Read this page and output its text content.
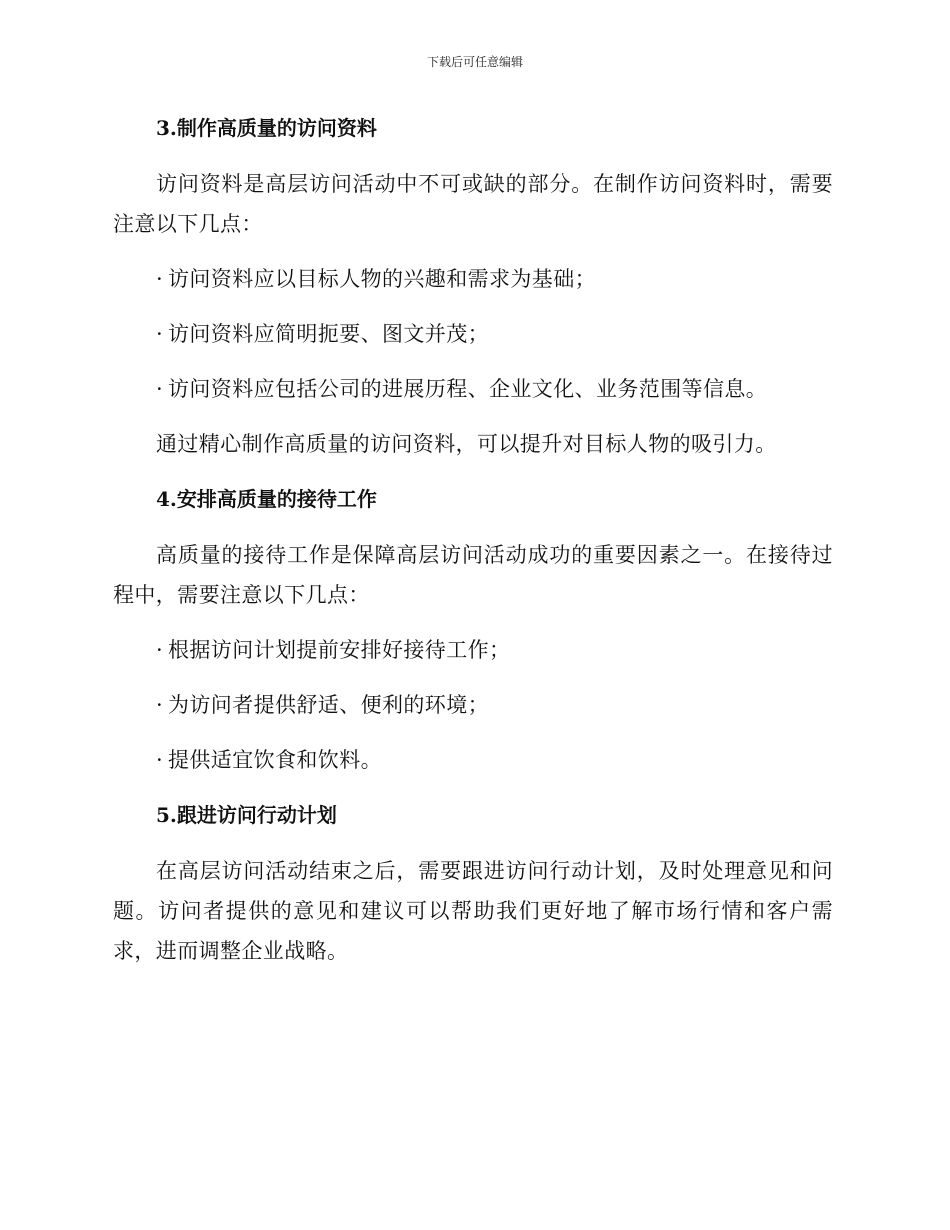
下载后可任意编辑

3.制作高质量的访问资料

访问资料是高层访问活动中不可或缺的部分。在制作访问资料时，需要注意以下几点：

· 访问资料应以目标人物的兴趣和需求为基础；

· 访问资料应简明扼要、图文并茂；

· 访问资料应包括公司的进展历程、企业文化、业务范围等信息。

通过精心制作高质量的访问资料，可以提升对目标人物的吸引力。

4.安排高质量的接待工作

高质量的接待工作是保障高层访问活动成功的重要因素之一。在接待过程中，需要注意以下几点：

· 根据访问计划提前安排好接待工作；

· 为访问者提供舒适、便利的环境；

· 提供适宜饮食和饮料。

5.跟进访问行动计划

在高层访问活动结束之后，需要跟进访问行动计划，及时处理意见和问题。访问者提供的意见和建议可以帮助我们更好地了解市场行情和客户需求，进而调整企业战略。
